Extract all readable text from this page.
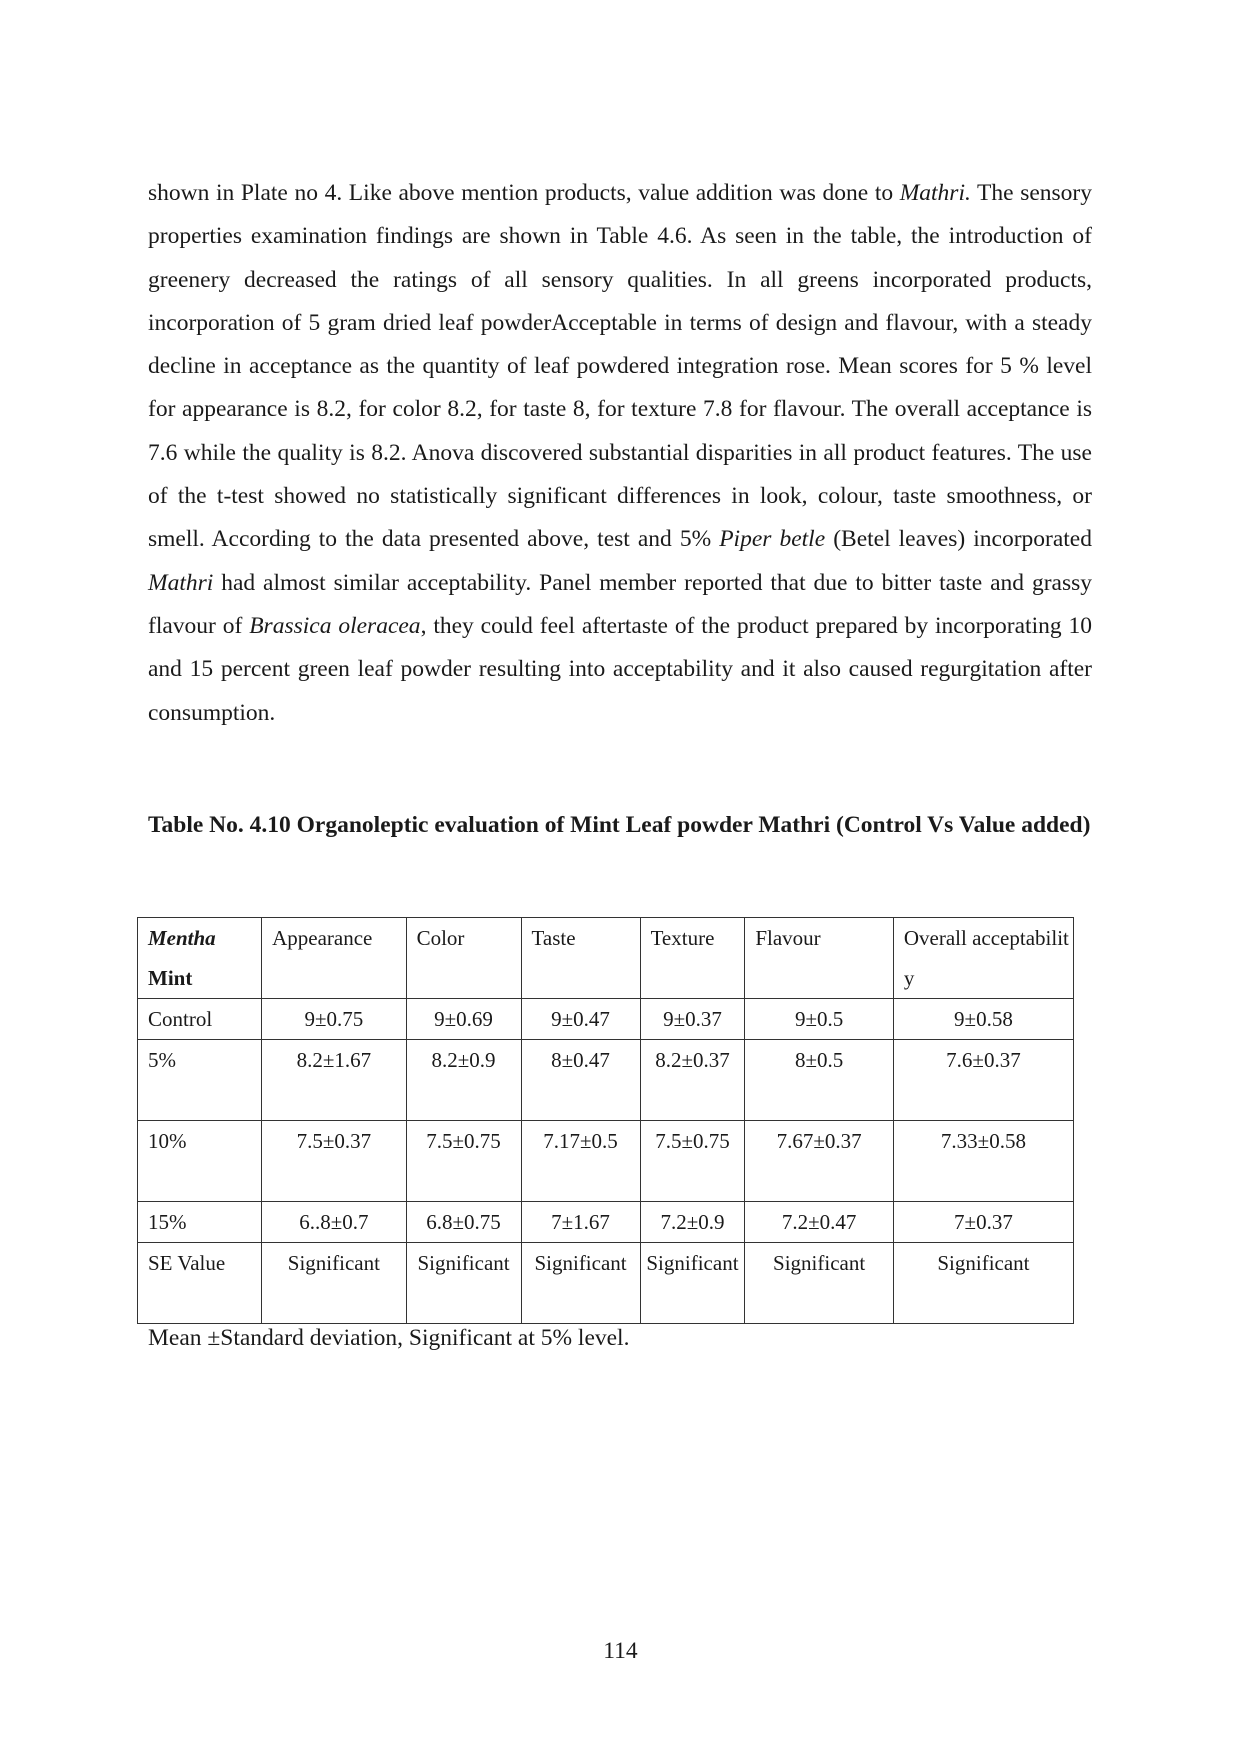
shown in Plate no 4. Like above mention products, value addition was done to Mathri. The sensory properties examination findings are shown in Table 4.6. As seen in the table, the introduction of greenery decreased the ratings of all sensory qualities. In all greens incorporated products, incorporation of 5 gram dried leaf powderAcceptable in terms of design and flavour, with a steady decline in acceptance as the quantity of leaf powdered integration rose. Mean scores for 5 % level for appearance is 8.2, for color 8.2, for taste 8, for texture 7.8 for flavour. The overall acceptance is 7.6 while the quality is 8.2. Anova discovered substantial disparities in all product features. The use of the t-test showed no statistically significant differences in look, colour, taste smoothness, or smell. According to the data presented above, test and 5% Piper betle (Betel leaves) incorporated Mathri had almost similar acceptability. Panel member reported that due to bitter taste and grassy flavour of Brassica oleracea, they could feel aftertaste of the product prepared by incorporating 10 and 15 percent green leaf powder resulting into acceptability and it also caused regurgitation after consumption.

Table No. 4.10 Organoleptic evaluation of Mint Leaf powder Mathri (Control Vs Value added)

Mentha
Mint	Appearance	Color	Taste	Texture	Flavour	Overall acceptability
Control	9±0.75	9±0.69	9±0.47	9±0.37	9±0.5	9±0.58
5%	8.2±1.67	8.2±0.9	8±0.47	8.2±0.37	8±0.5	7.6±0.37
10%	7.5±0.37	7.5±0.75	7.17±0.5	7.5±0.75	7.67±0.37	7.33±0.58
15%	6..8±0.7	6.8±0.75	7±1.67	7.2±0.9	7.2±0.47	7±0.37
SE Value	Significant	Significant	Significant	Significant	Significant	Significant

Mean ±Standard deviation, Significant at 5% level.

114
